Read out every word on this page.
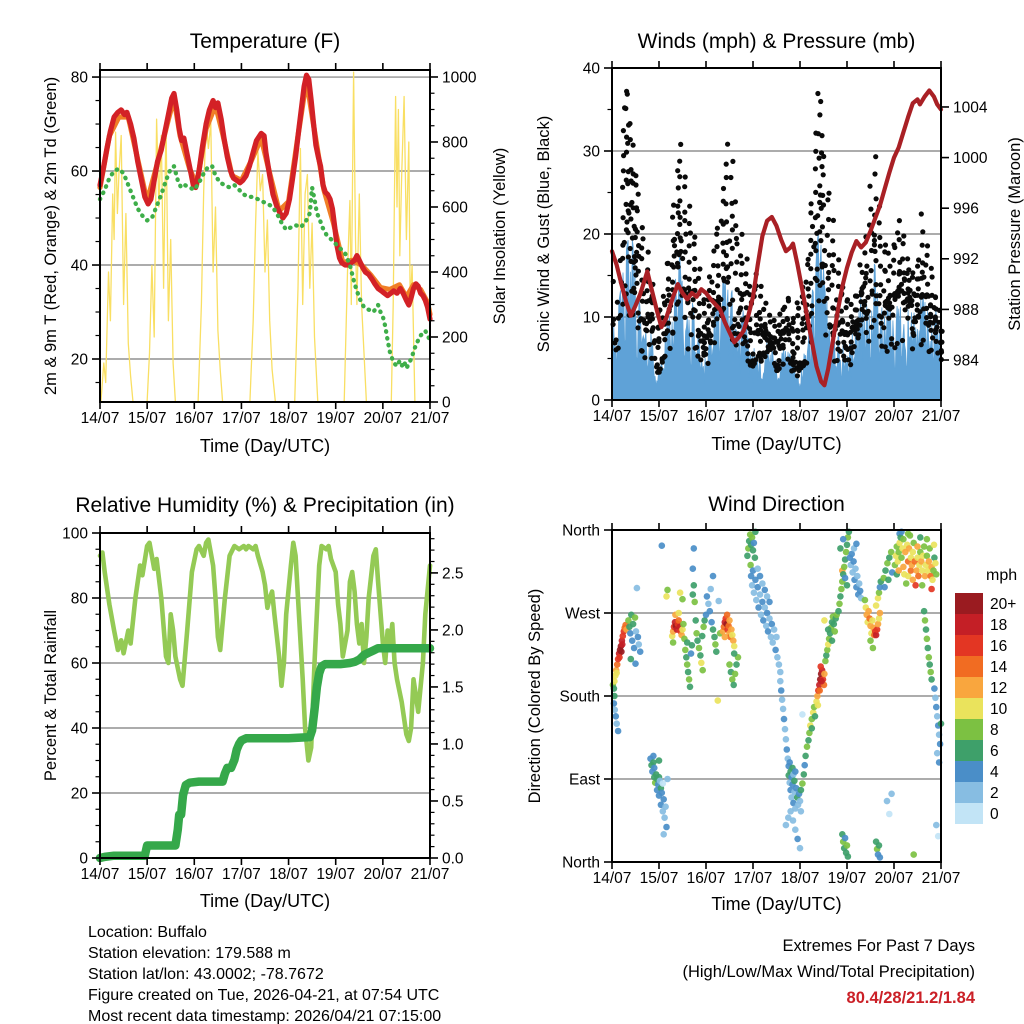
14/07 15/07 16/07 17/07 18/07 19/07 20/07 21/07
20
40
60
80
0
200
400
600
800
1000
Temperature (F)
Time (Day/UTC)
2m & 9m T (Red, Orange) & 2m Td (Green)	Solar Insolation (Yellow)
14/07 15/07 16/07 17/07 18/07 19/07 20/07 21/07
0
10
20
30
40
984
988
992
996
1000
1004
Winds (mph) & Pressure (mb)
Time (Day/UTC)
Sonic Wind & Gust (Blue, Black)	Station Pressure (Maroon)
14/07 15/07 16/07 17/07 18/07 19/07 20/07 21/07
0
20
40
60
80
100
0.0
0.5
1.0
1.5
2.0
2.5
Relative Humidity (%) & Precipitation (in)
Time (Day/UTC)
Percent & Total Rainfall
14/07 15/07 16/07 17/07 18/07 19/07 20/07 21/07
North
West
South
East
North
Wind Direction
Time (Day/UTC)
Direction (Colored By Speed)
mph
20+
18
16
14
12
10
8
6
4
2
0
Location: Buffalo
Station elevation: 179.588 m
Station lat/lon: 43.0002; -78.7672
Figure created on Tue, 2026-04-21, at 07:54 UTC
Most recent data timestamp: 2026/04/21 07:15:00
Extremes For Past 7 Days
(High/Low/Max Wind/Total Precipitation)
80.4/28/21.2/1.84
